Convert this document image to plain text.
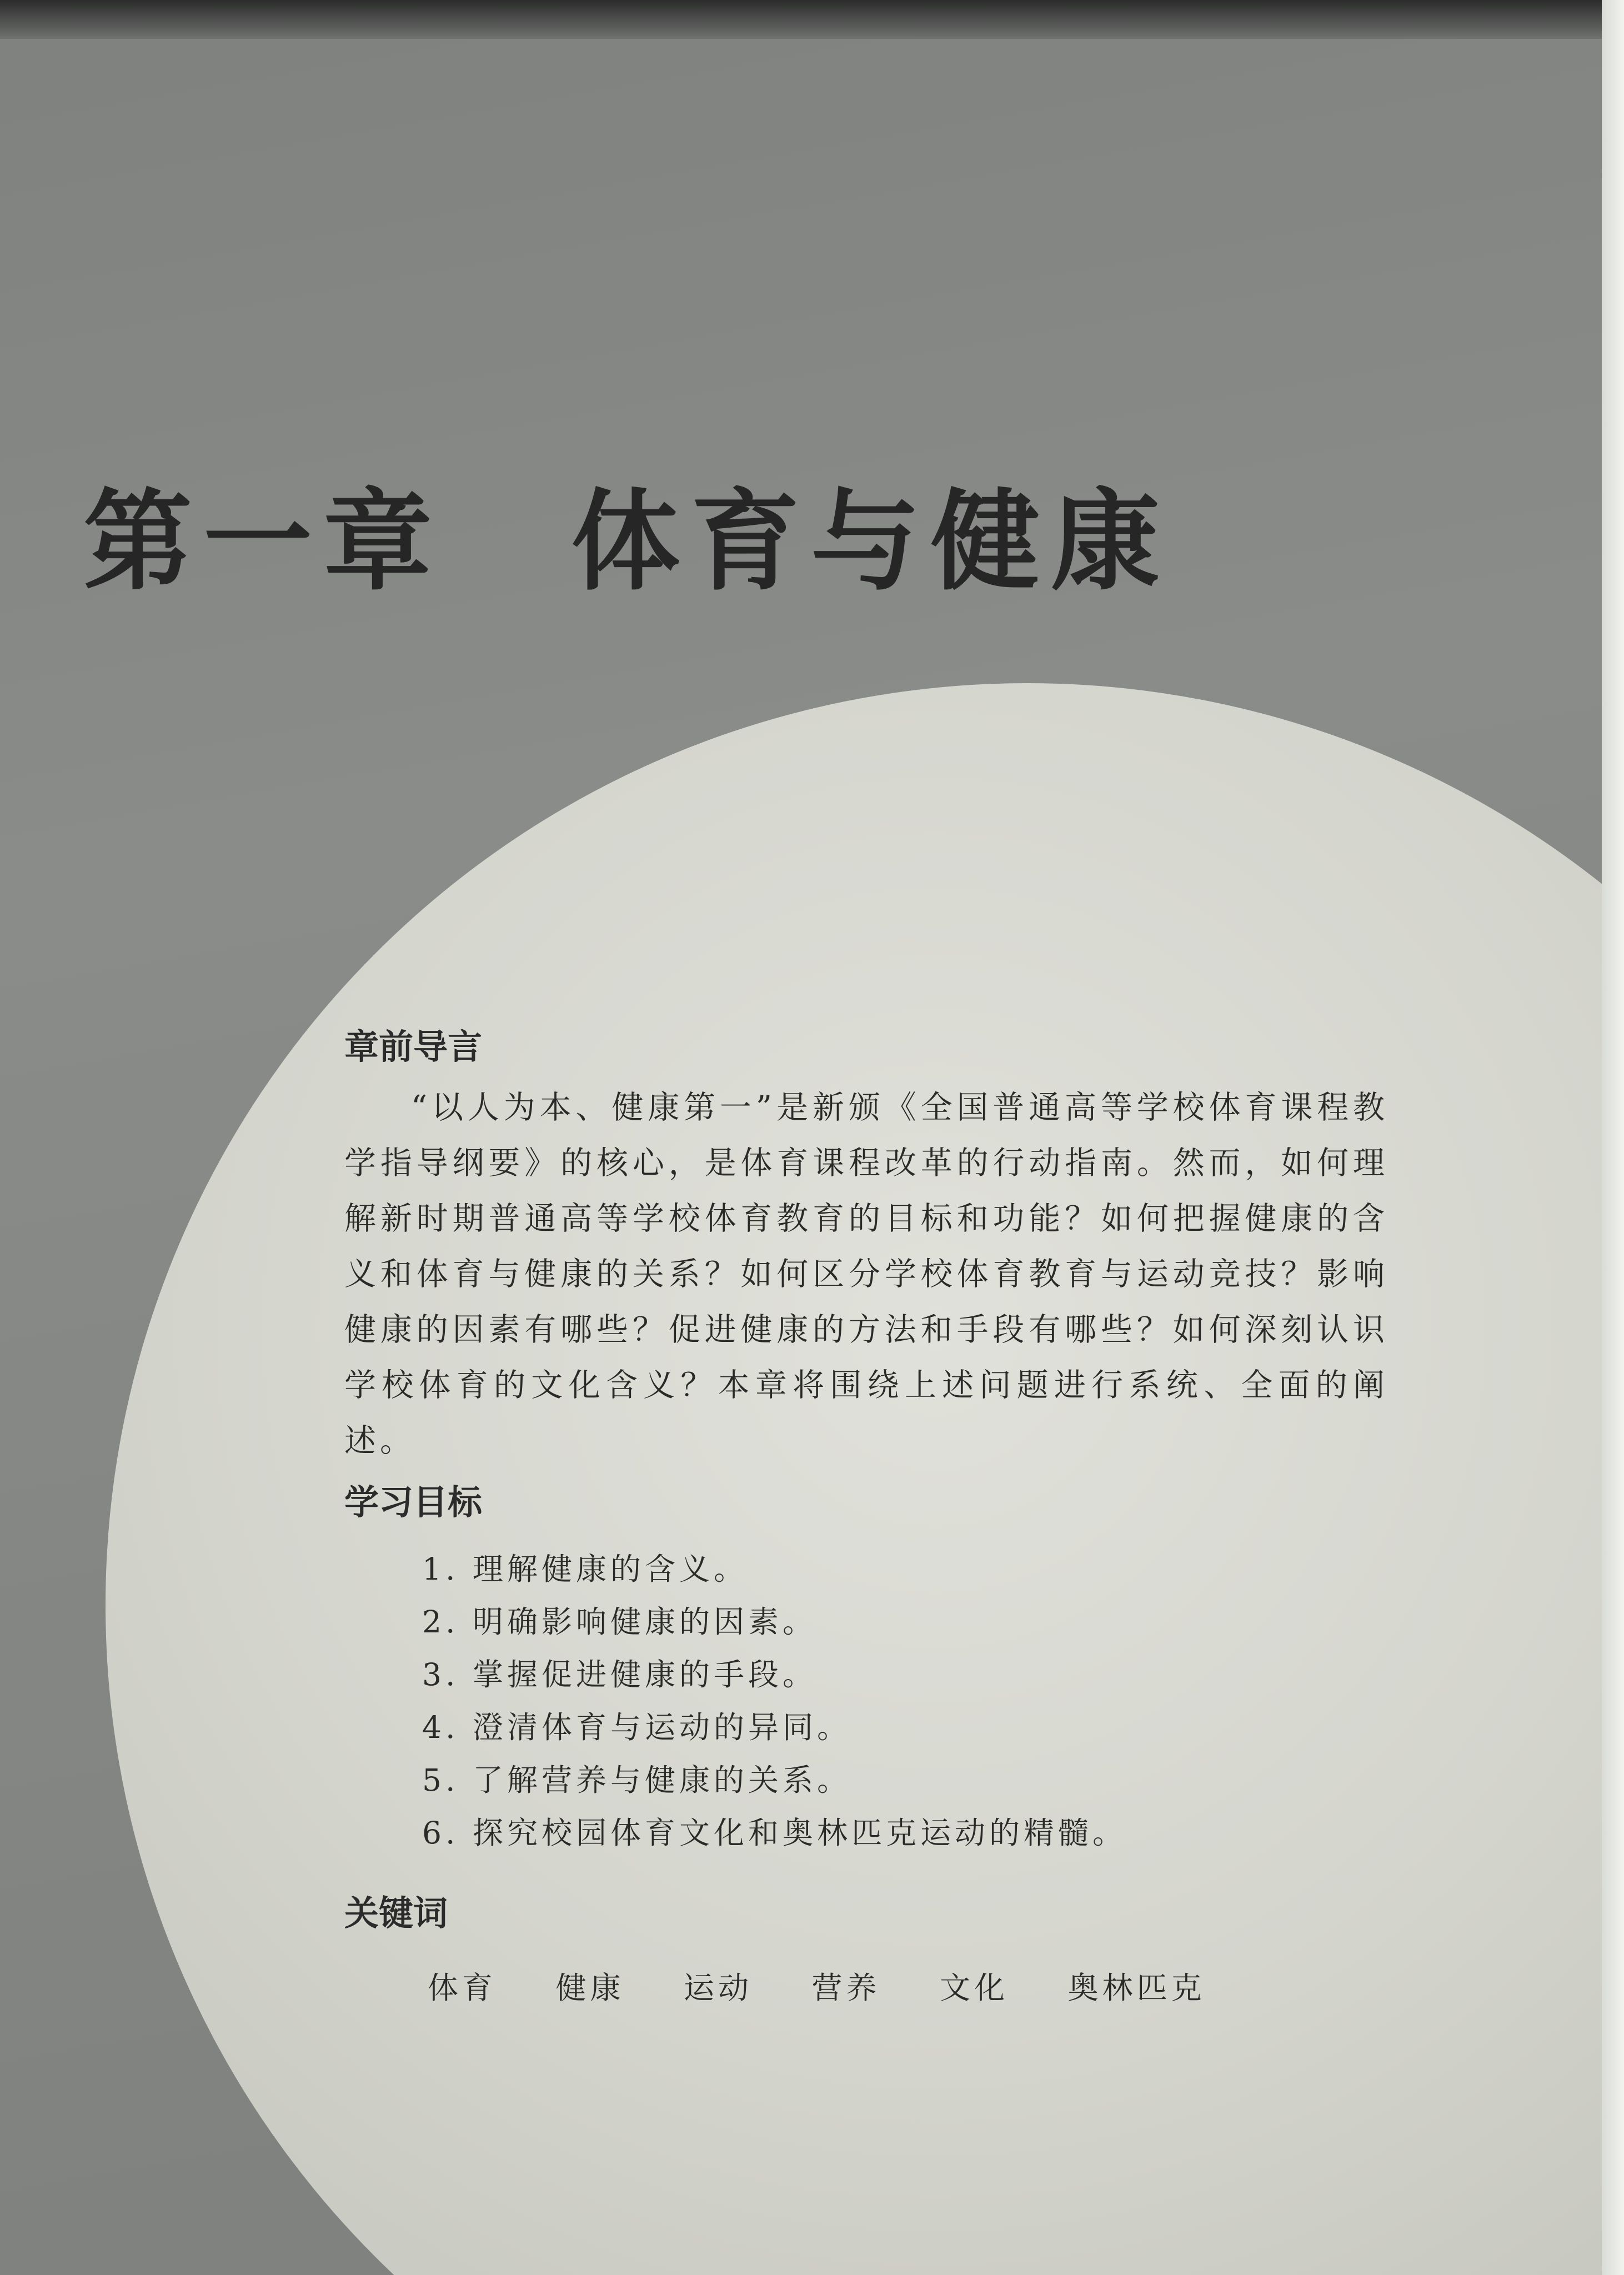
第一章 体育与健康
章前导言

“以人为本、健康第一”是新颁《全国普通高等学校体育课程教学指导纲要》的核心，是体育课程改革的行动指南。然而，如何理解新时期普通高等学校体育教育的目标和功能？如何把握健康的含义和体育与健康的关系？如何区分学校体育教育与运动竞技？影响健康的因素有哪些？促进健康的方法和手段有哪些？如何深刻认识学校体育的文化含义？本章将围绕上述问题进行系统、全面的阐述。

学习目标
1. 理解健康的含义。
2. 明确影响健康的因素。
3. 掌握促进健康的手段。
4. 澄清体育与运动的异同。
5. 了解营养与健康的关系。
6. 探究校园体育文化和奥林匹克运动的精髓。
关键词
体育 健康 运动 营养 文化 奥林匹克
